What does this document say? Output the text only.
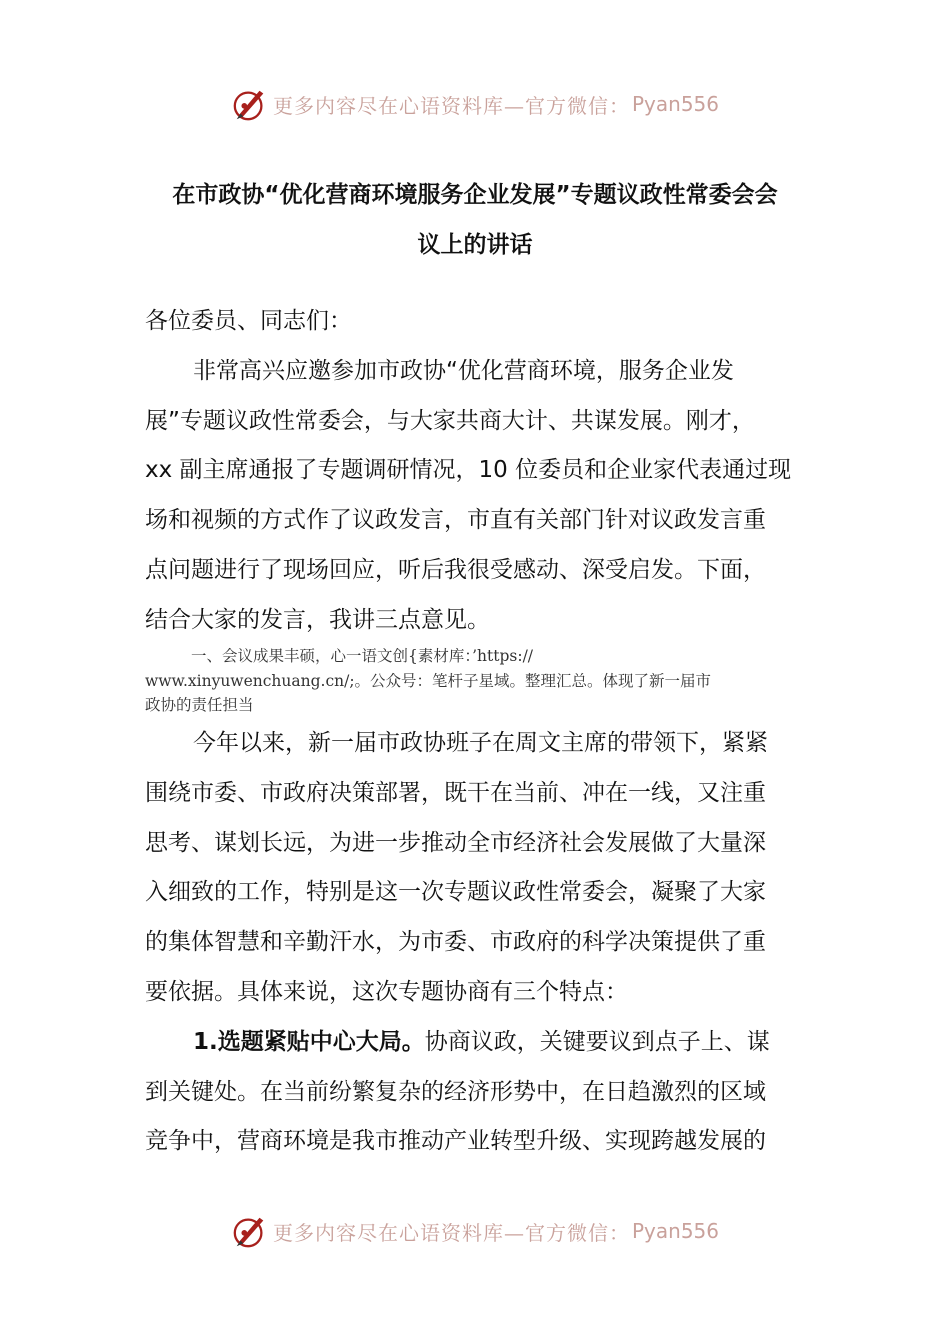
更多内容尽在心语资料库—官方微信： Pyan556
在市政协“优化营商环境服务企业发展”专题议政性常委会会
议上的讲话

各位委员、同志们：

非常高兴应邀参加市政协“优化营商环境，服务企业发

展”专题议政性常委会，与大家共商大计、共谋发展。刚才，

xx 副主席通报了专题调研情况，10 位委员和企业家代表通过现

场和视频的方式作了议政发言，市直有关部门针对议政发言重

点问题进行了现场回应，听后我很受感动、深受启发。下面，

结合大家的发言，我讲三点意见。

一、会议成果丰硕，心一语文创{素材库：’https://

www.xinyuwenchuang.cn/;。公众号：笔杆子星域。整理汇总。体现了新一届市

政协的责任担当

今年以来，新一届市政协班子在周文主席的带领下，紧紧

围绕市委、市政府决策部署，既干在当前、冲在一线，又注重

思考、谋划长远，为进一步推动全市经济社会发展做了大量深

入细致的工作，特别是这一次专题议政性常委会，凝聚了大家

的集体智慧和辛勤汗水，为市委、市政府的科学决策提供了重

要依据。具体来说，这次专题协商有三个特点：

1.选题紧贴中心大局。协商议政，关键要议到点子上、谋

到关键处。在当前纷繁复杂的经济形势中，在日趋激烈的区域

竞争中，营商环境是我市推动产业转型升级、实现跨越发展的

更多内容尽在心语资料库—官方微信： Pyan556
